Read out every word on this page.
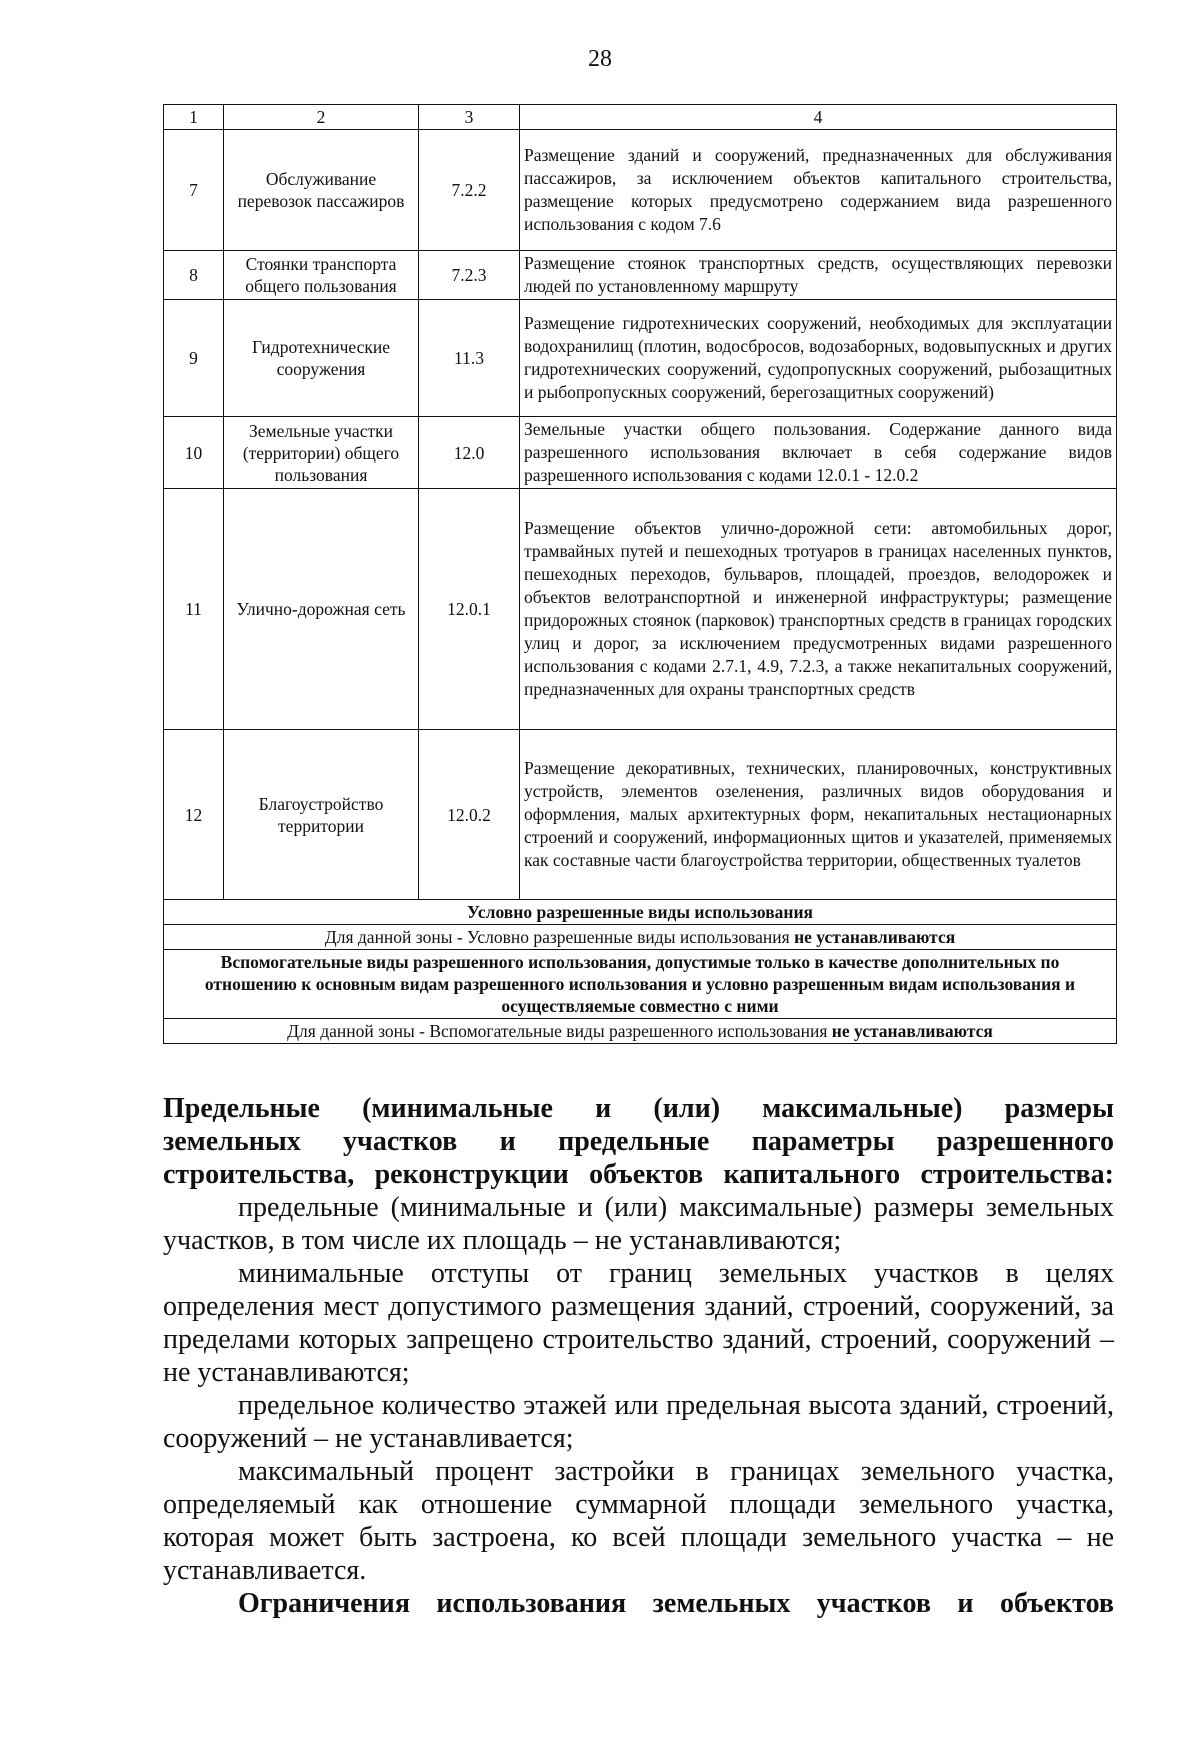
28
1	2	3	4
7	Обслуживание перевозок пассажиров	7.2.2	Размещение зданий и сооружений, предназначенных для обслуживания пассажиров, за исключением объектов капитального строительства, размещение которых предусмотрено содержанием вида разрешенного использования с кодом 7.6
8	Стоянки транспорта общего пользования	7.2.3	Размещение стоянок транспортных средств, осуществляющих перевозки людей по установленному маршруту
9	Гидротехнические сооружения	11.3	Размещение гидротехнических сооружений, необходимых для эксплуатации водохранилищ (плотин, водосбросов, водозаборных, водовыпускных и других гидротехнических сооружений, судопропускных сооружений, рыбозащитных и рыбопропускных сооружений, берегозащитных сооружений)
10	Земельные участки (территории) общего пользования	12.0	Земельные участки общего пользования. Содержание данного вида разрешенного использования включает в себя содержание видов разрешенного использования с кодами 12.0.1 - 12.0.2
11	Улично-дорожная сеть	12.0.1	Размещение объектов улично-дорожной сети: автомобильных дорог, трамвайных путей и пешеходных тротуаров в границах населенных пунктов, пешеходных переходов, бульваров, площадей, проездов, велодорожек и объектов велотранспортной и инженерной инфраструктуры; размещение придорожных стоянок (парковок) транспортных средств в границах городских улиц и дорог, за исключением предусмотренных видами разрешенного использования с кодами 2.7.1, 4.9, 7.2.3, а также некапитальных сооружений, предназначенных для охраны транспортных средств
12	Благоустройство территории	12.0.2	Размещение декоративных, технических, планировочных, конструктивных устройств, элементов озеленения, различных видов оборудования и оформления, малых архитектурных форм, некапитальных нестационарных строений и сооружений, информационных щитов и указателей, применяемых как составные части благоустройства территории, общественных туалетов
Условно разрешенные виды использования			
Для данной зоны - Условно разрешенные виды использования не устанавливаются			
Вспомогательные виды разрешенного использования, допустимые только в качестве дополнительных по отношению к основным видам разрешенного использования и условно разрешенным видам использования и осуществляемые совместно с ними			
Для данной зоны - Вспомогательные виды разрешенного использования не устанавливаются			
Предельные (минимальные и (или) максимальные) размеры
земельных участков и предельные параметры разрешенного
строительства, реконструкции объектов капитального строительства:
предельные (минимальные и (или) максимальные) размеры земельных участков, в том числе их площадь – не устанавливаются;
минимальные отступы от границ земельных участков в целях определения мест допустимого размещения зданий, строений, сооружений, за пределами которых запрещено строительство зданий, строений, сооружений – не устанавливаются;
предельное количество этажей или предельная высота зданий, строений, сооружений – не устанавливается;
максимальный процент застройки в границах земельного участка, определяемый как отношение суммарной площади земельного участка, которая может быть застроена, ко всей площади земельного участка – не устанавливается.
Ограничения использования земельных участков и объектов
